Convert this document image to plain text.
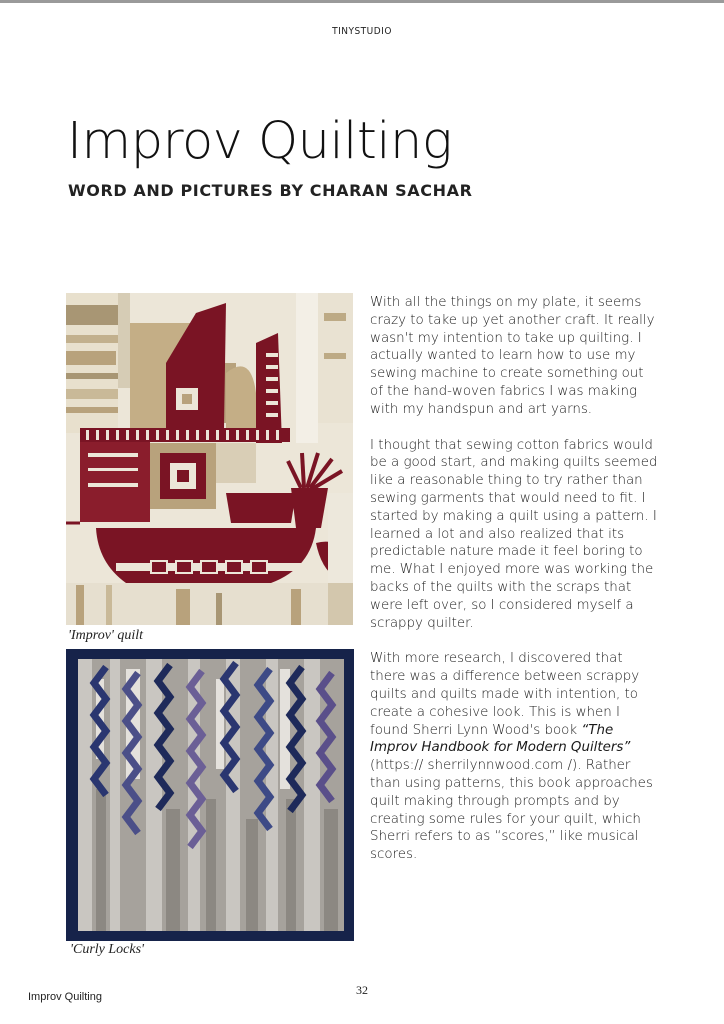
TINYSTUDIO
Improv Quilting
WORD AND PICTURES BY CHARAN SACHAR
'Improv' quilt
'Curly Locks'

With all the things on my plate, it seems crazy to take up yet another craft. It really wasn't my intention to take up quilting. I actually wanted to learn how to use my sewing machine to create something out of the hand-woven fabrics I was making with my handspun and art yarns.

I thought that sewing cotton fabrics would be a good start, and making quilts seemed like a reasonable thing to try rather than sewing garments that would need to fit. I started by making a quilt using a pattern. I learned a lot and also realized that its predictable nature made it feel boring to me. What I enjoyed more was working the backs of the quilts with the scraps that were left over, so I considered myself a scrappy quilter.

With more research, I discovered that there was a difference between scrappy quilts and quilts made with intention, to create a cohesive look. This is when I found Sherri Lynn Wood's book “The Improv Handbook for Modern Quilters” (https:// sherrilynnwood.com /). Rather than using patterns, this book approaches quilt making through prompts and by creating some rules for your quilt, which Sherri refers to as “scores,” like musical scores.

32
Improv Quilting
